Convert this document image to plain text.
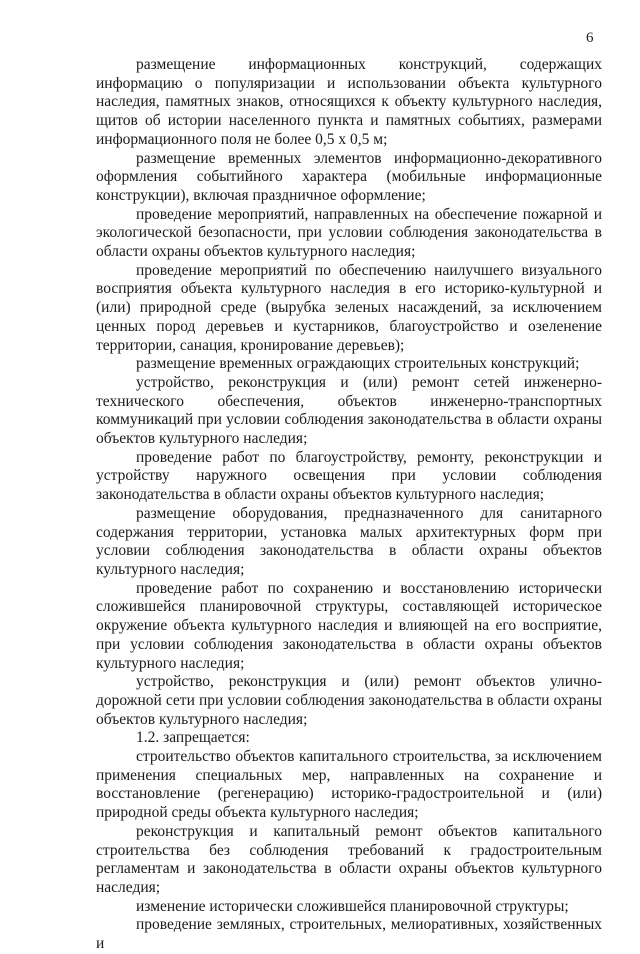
6

размещение информационных конструкций, содержащих информацию о популяризации и использовании объекта культурного наследия, памятных знаков, относящихся к объекту культурного наследия, щитов об истории населенного пункта и памятных событиях, размерами информационного поля не более 0,5 х 0,5 м;

размещение временных элементов информационно-декоративного оформления событийного характера (мобильные информационные конструкции), включая праздничное оформление;

проведение мероприятий, направленных на обеспечение пожарной и экологической безопасности, при условии соблюдения законодательства в области охраны объектов культурного наследия;

проведение мероприятий по обеспечению наилучшего визуального восприятия объекта культурного наследия в его историко-культурной и (или) природной среде (вырубка зеленых насаждений, за исключением ценных пород деревьев и кустарников, благоустройство и озеленение территории, санация, кронирование деревьев);

размещение временных ограждающих строительных конструкций;

устройство, реконструкция и (или) ремонт сетей инженерно-технического обеспечения, объектов инженерно-транспортных коммуникаций при условии соблюдения законодательства в области охраны объектов культурного наследия;

проведение работ по благоустройству, ремонту, реконструкции и устройству наружного освещения при условии соблюдения законодательства в области охраны объектов культурного наследия;

размещение оборудования, предназначенного для санитарного содержания территории, установка малых архитектурных форм при условии соблюдения законодательства в области охраны объектов культурного наследия;

проведение работ по сохранению и восстановлению исторически сложившейся планировочной структуры, составляющей историческое окружение объекта культурного наследия и влияющей на его восприятие, при условии соблюдения законодательства в области охраны объектов культурного наследия;

устройство, реконструкция и (или) ремонт объектов улично-дорожной сети при условии соблюдения законодательства в области охраны объектов культурного наследия;

1.2. запрещается:

строительство объектов капитального строительства, за исключением применения специальных мер, направленных на сохранение и восстановление (регенерацию) историко-градостроительной и (или) природной среды объекта культурного наследия;

реконструкция и капитальный ремонт объектов капитального строительства без соблюдения требований к градостроительным регламентам и законодательства в области охраны объектов культурного наследия;

изменение исторически сложившейся планировочной структуры;

проведение земляных, строительных, мелиоративных, хозяйственных и
